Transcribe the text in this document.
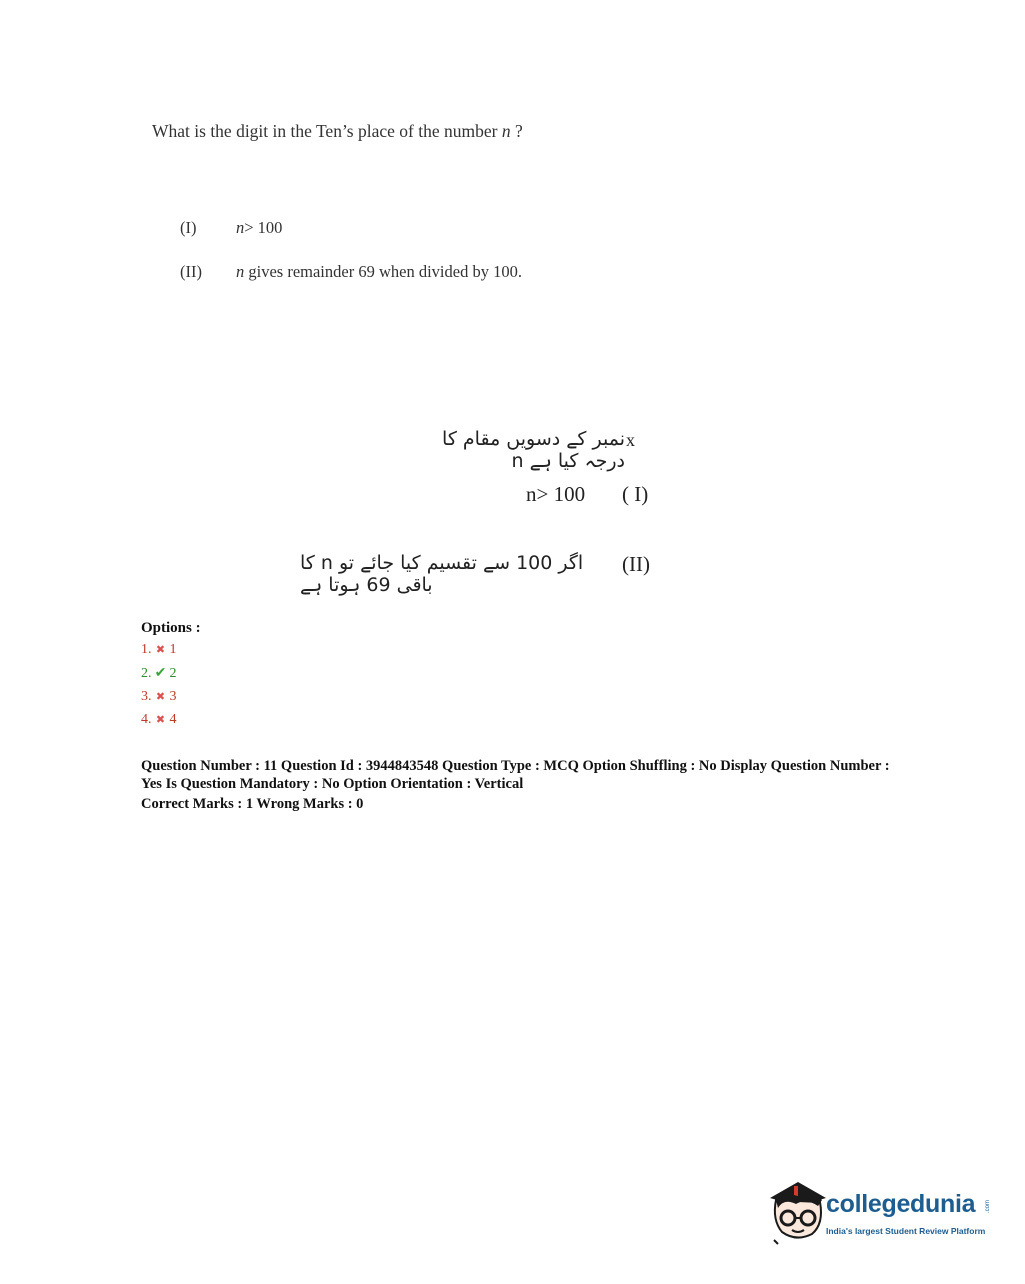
What is the digit in the Ten’s place of the number n ?
(I) n> 100
(II) n gives remainder 69 when divided by 100.
نمبر کے دسویں مقام کا درجہ کیا ہے n
x
n> 100 ( I)
اگر 100 سے تقسیم کیا جائے تو n کا باقی 69 ہوتا ہے
(II)
Options :
1. ✖ 1
2. ✔ 2
3. ✖ 3
4. ✖ 4
Question Number : 11 Question Id : 3944843548 Question Type : MCQ Option Shuffling : No Display Question Number : Yes Is Question Mandatory : No Option Orientation : Vertical
Correct Marks : 1 Wrong Marks : 0
collegedunia .com
India's largest Student Review Platform
